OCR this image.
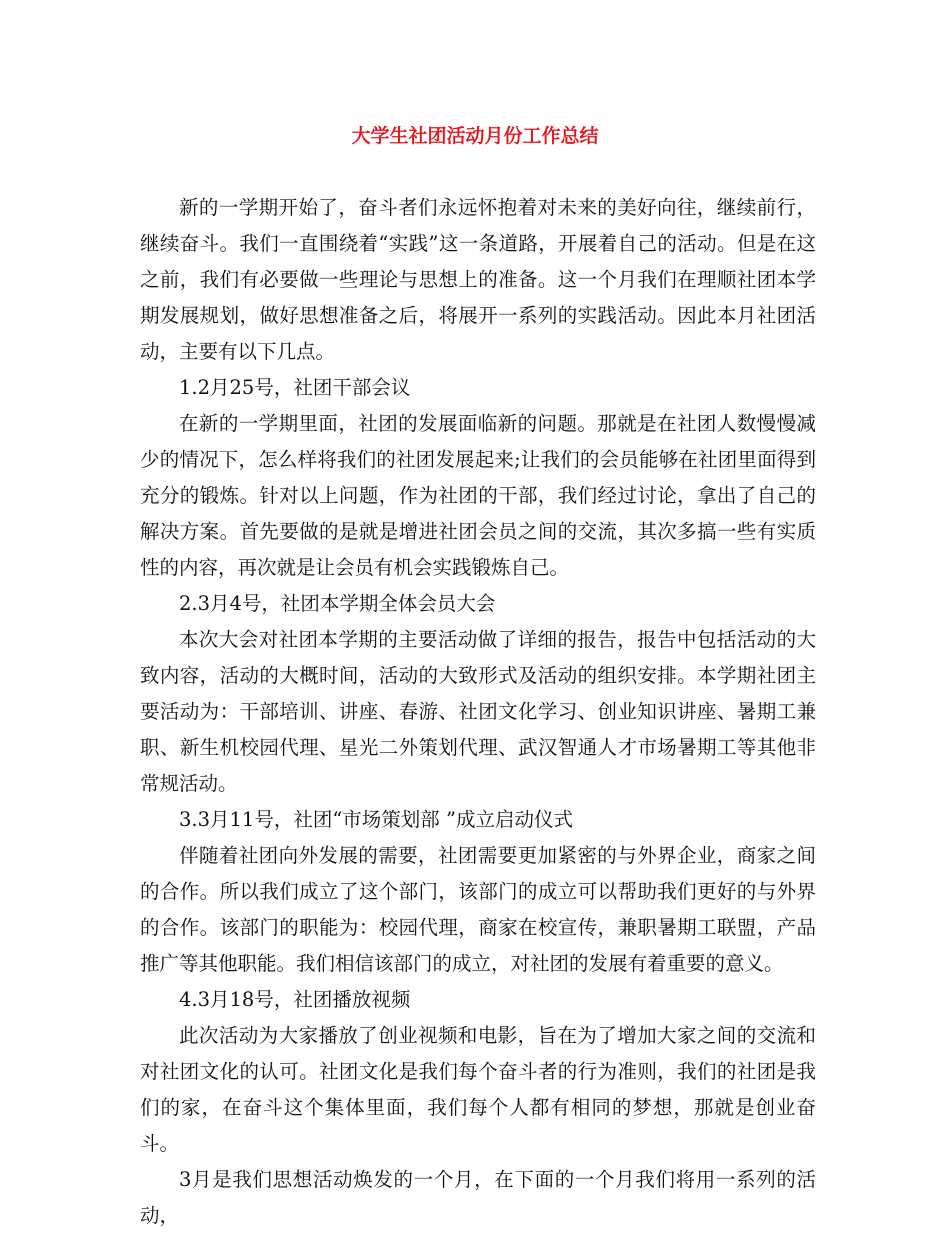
大学生社团活动月份工作总结

新的一学期开始了，奋斗者们永远怀抱着对未来的美好向往，继续前行，继续奋斗。我们一直围绕着“实践”这一条道路，开展着自己的活动。但是在这之前，我们有必要做一些理论与思想上的准备。这一个月我们在理顺社团本学期发展规划，做好思想准备之后，将展开一系列的实践活动。因此本月社团活动，主要有以下几点。

1.2月25号，社团干部会议

在新的一学期里面，社团的发展面临新的问题。那就是在社团人数慢慢减少的情况下，怎么样将我们的社团发展起来;让我们的会员能够在社团里面得到充分的锻炼。针对以上问题，作为社团的干部，我们经过讨论，拿出了自己的解决方案。首先要做的是就是增进社团会员之间的交流，其次多搞一些有实质性的内容，再次就是让会员有机会实践锻炼自己。

2.3月4号，社团本学期全体会员大会

本次大会对社团本学期的主要活动做了详细的报告，报告中包括活动的大致内容，活动的大概时间，活动的大致形式及活动的组织安排。本学期社团主要活动为：干部培训、讲座、春游、社团文化学习、创业知识讲座、暑期工兼职、新生机校园代理、星光二外策划代理、武汉智通人才市场暑期工等其他非常规活动。

3.3月11号，社团“市场策划部 ”成立启动仪式

伴随着社团向外发展的需要，社团需要更加紧密的与外界企业，商家之间的合作。所以我们成立了这个部门，该部门的成立可以帮助我们更好的与外界的合作。该部门的职能为：校园代理，商家在校宣传，兼职暑期工联盟，产品推广等其他职能。我们相信该部门的成立，对社团的发展有着重要的意义。

4.3月18号，社团播放视频

此次活动为大家播放了创业视频和电影，旨在为了增加大家之间的交流和对社团文化的认可。社团文化是我们每个奋斗者的行为准则，我们的社团是我们的家，在奋斗这个集体里面，我们每个人都有相同的梦想，那就是创业奋斗。

3月是我们思想活动焕发的一个月，在下面的一个月我们将用一系列的活动，
